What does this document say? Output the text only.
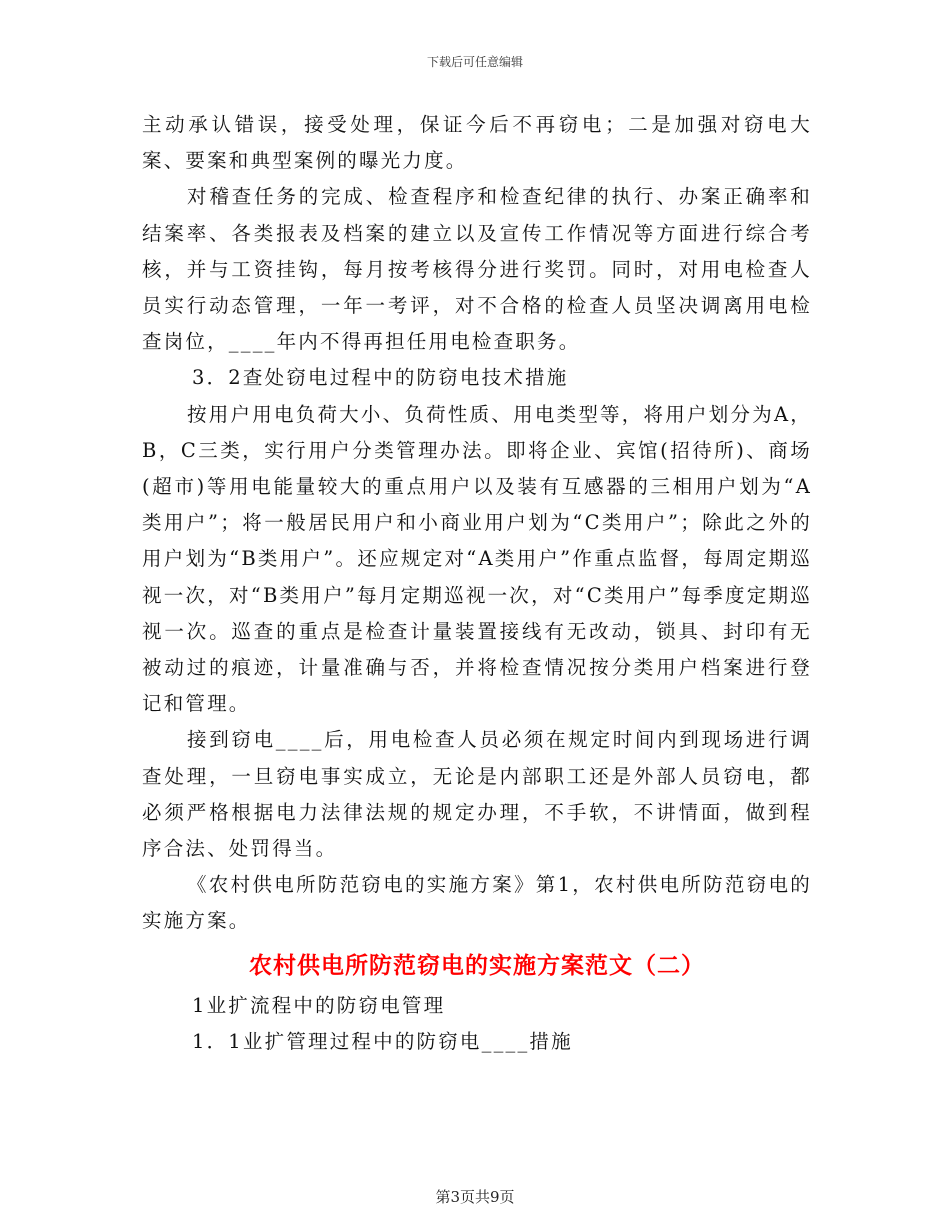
下载后可任意编辑

主动承认错误，接受处理，保证今后不再窃电；二是加强对窃电大案、要案和典型案例的曝光力度。

对稽查任务的完成、检查程序和检查纪律的执行、办案正确率和结案率、各类报表及档案的建立以及宣传工作情况等方面进行综合考核，并与工资挂钩，每月按考核得分进行奖罚。同时，对用电检查人员实行动态管理，一年一考评，对不合格的检查人员坚决调离用电检查岗位，____年内不得再担任用电检查职务。

3．2查处窃电过程中的防窃电技术措施

按用户用电负荷大小、负荷性质、用电类型等，将用户划分为A，B，C三类，实行用户分类管理办法。即将企业、宾馆(招待所)、商场(超市)等用电能量较大的重点用户以及装有互感器的三相用户划为“A类用户”；将一般居民用户和小商业用户划为“C类用户”；除此之外的用户划为“B类用户”。还应规定对“A类用户”作重点监督，每周定期巡视一次，对“B类用户”每月定期巡视一次，对“C类用户”每季度定期巡视一次。巡查的重点是检查计量装置接线有无改动，锁具、封印有无被动过的痕迹，计量准确与否，并将检查情况按分类用户档案进行登记和管理。

接到窃电____后，用电检查人员必须在规定时间内到现场进行调查处理，一旦窃电事实成立，无论是内部职工还是外部人员窃电，都必须严格根据电力法律法规的规定办理，不手软，不讲情面，做到程序合法、处罚得当。

《农村供电所防范窃电的实施方案》第1，农村供电所防范窃电的实施方案。

农村供电所防范窃电的实施方案范文（二）

1业扩流程中的防窃电管理

1．1业扩管理过程中的防窃电____措施

第3页共9页
